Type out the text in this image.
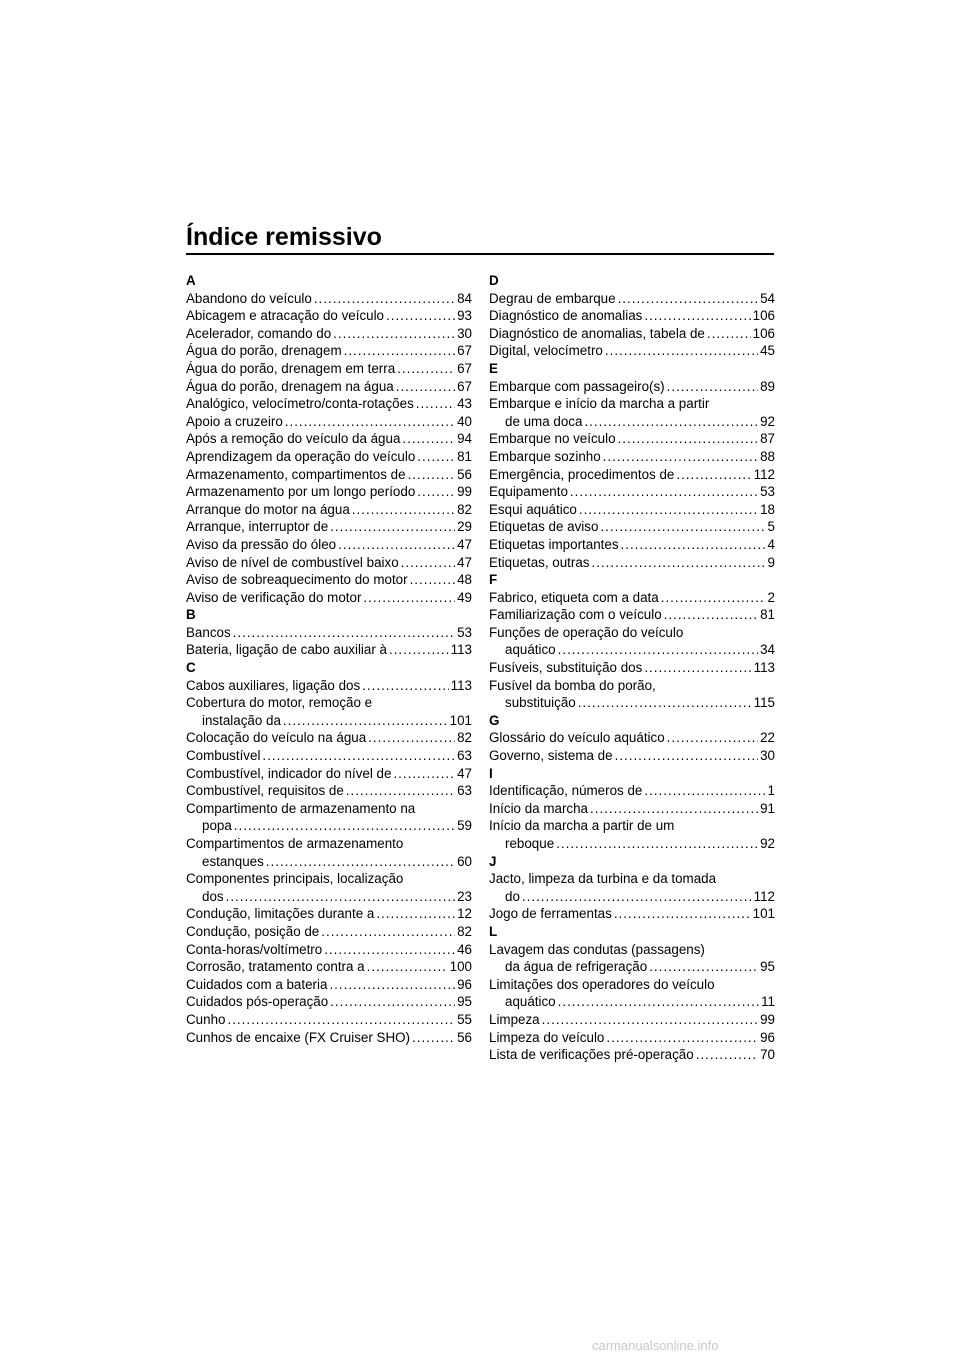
Índice remissivo
A
Abandono do veículo .....	84
Abicagem e atracação do veículo .....	93
Acelerador, comando do .....	30
Água do porão, drenagem .....	67
Água do porão, drenagem em terra .....	67
Água do porão, drenagem na água .....	67
Analógico, velocímetro/conta-rotações .....	43
Apoio a cruzeiro .....	40
Após a remoção do veículo da água .....	94
Aprendizagem da operação do veículo .....	81
Armazenamento, compartimentos de .....	56
Armazenamento por um longo período .....	99
Arranque do motor na água .....	82
Arranque, interruptor de .....	29
Aviso da pressão do óleo .....	47
Aviso de nível de combustível baixo .....	47
Aviso de sobreaquecimento do motor .....	48
Aviso de verificação do motor .....	49
B
Bancos .....	53
Bateria, ligação de cabo auxiliar à .....	113
C
Cabos auxiliares, ligação dos .....	113
Cobertura do motor, remoção e
instalação da .....	101
Colocação do veículo na água .....	82
Combustível .....	63
Combustível, indicador do nível de .....	47
Combustível, requisitos de .....	63
Compartimento de armazenamento na
popa .....	59
Compartimentos de armazenamento
estanques .....	60
Componentes principais, localização
dos .....	23
Condução, limitações durante a .....	12
Condução, posição de .....	82
Conta-horas/voltímetro .....	46
Corrosão, tratamento contra a .....	100
Cuidados com a bateria .....	96
Cuidados pós-operação .....	95
Cunho .....	55
Cunhos de encaixe (FX Cruiser SHO) .....	56
D
Degrau de embarque .....	54
Diagnóstico de anomalias .....	106
Diagnóstico de anomalias, tabela de .....	106
Digital, velocímetro .....	45
E
Embarque com passageiro(s) .....	89
Embarque e início da marcha a partir
de uma doca .....	92
Embarque no veículo .....	87
Embarque sozinho .....	88
Emergência, procedimentos de .....	112
Equipamento .....	53
Esqui aquático .....	18
Etiquetas de aviso .....	5
Etiquetas importantes .....	4
Etiquetas, outras .....	9
F
Fabrico, etiqueta com a data .....	2
Familiarização com o veículo .....	81
Funções de operação do veículo
aquático .....	34
Fusíveis, substituição dos .....	113
Fusível da bomba do porão,
substituição .....	115
G
Glossário do veículo aquático .....	22
Governo, sistema de .....	30
I
Identificação, números de .....	1
Início da marcha .....	91
Início da marcha a partir de um
reboque .....	92
J
Jacto, limpeza da turbina e da tomada
do .....	112
Jogo de ferramentas .....	101
L
Lavagem das condutas (passagens)
da água de refrigeração .....	95
Limitações dos operadores do veículo
aquático .....	11
Limpeza .....	99
Limpeza do veículo .....	96
Lista de verificações pré-operação .....	70
carmanualsonline.info
